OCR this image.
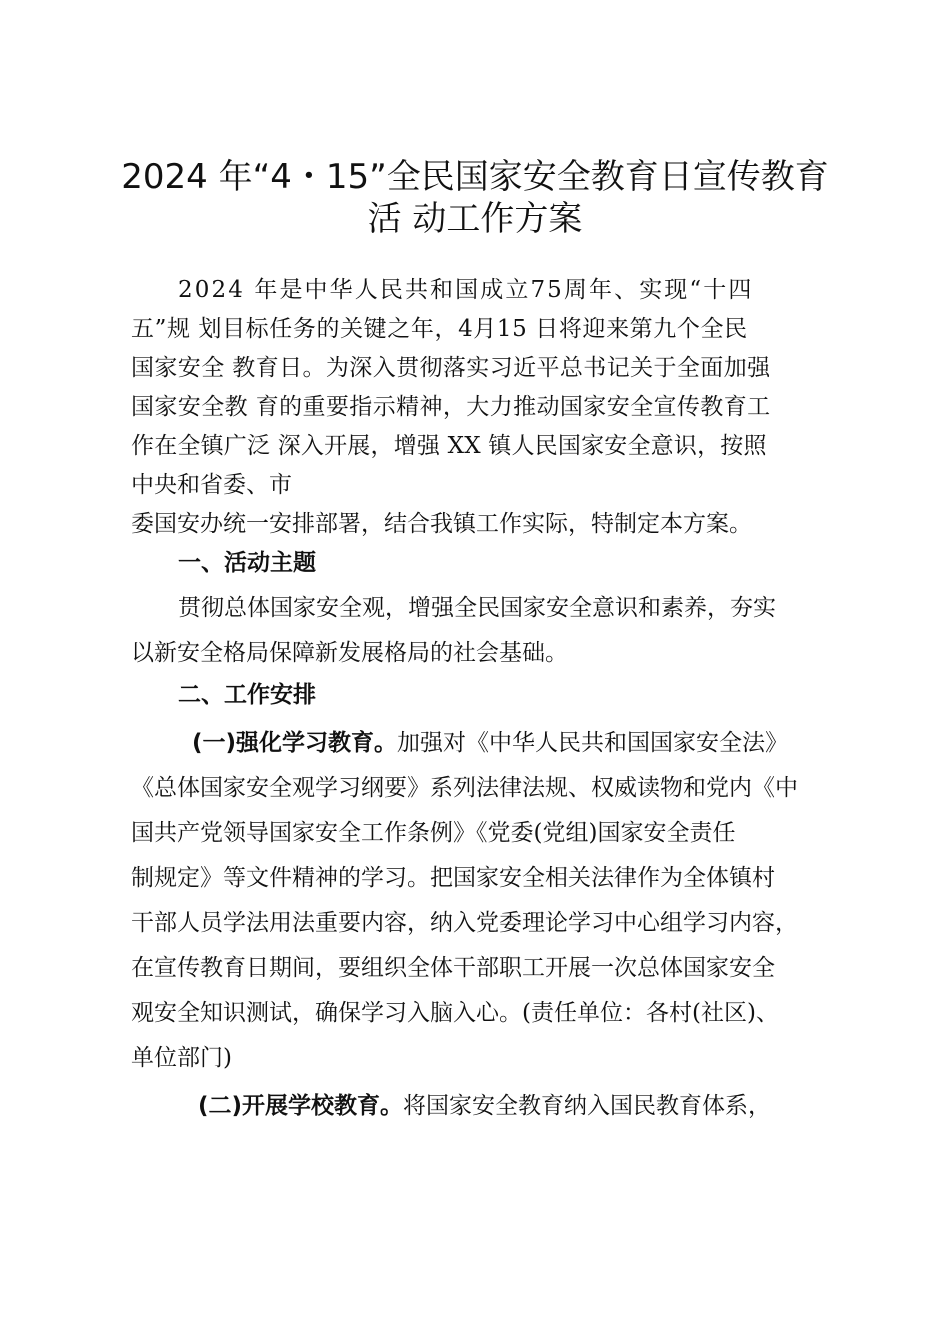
2024 年“4・15”全民国家安全教育日宣传教育
活 动工作方案

2024 年是中华人民共和国成立75周年、实现“十四

五”规 划目标任务的关键之年，4月15 日将迎来第九个全民

国家安全 教育日。为深入贯彻落实习近平总书记关于全面加强

国家安全教 育的重要指示精神，大力推动国家安全宣传教育工

作在全镇广泛 深入开展，增强 XX 镇人民国家安全意识，按照

中央和省委、市

委国安办统一安排部署，结合我镇工作实际，特制定本方案。

一、活动主题

贯彻总体国家安全观，增强全民国家安全意识和素养，夯实

以新安全格局保障新发展格局的社会基础。

二、工作安排

(一)强化学习教育。加强对《中华人民共和国国家安全法》

《总体国家安全观学习纲要》系列法律法规、权威读物和党内《中

国共产党领导国家安全工作条例》《党委(党组)国家安全责任

制规定》等文件精神的学习。把国家安全相关法律作为全体镇村

干部人员学法用法重要内容，纳入党委理论学习中心组学习内容，

在宣传教育日期间，要组织全体干部职工开展一次总体国家安全

观安全知识测试，确保学习入脑入心。(责任单位：各村(社区)、

单位部门)

(二)开展学校教育。将国家安全教育纳入国民教育体系，
